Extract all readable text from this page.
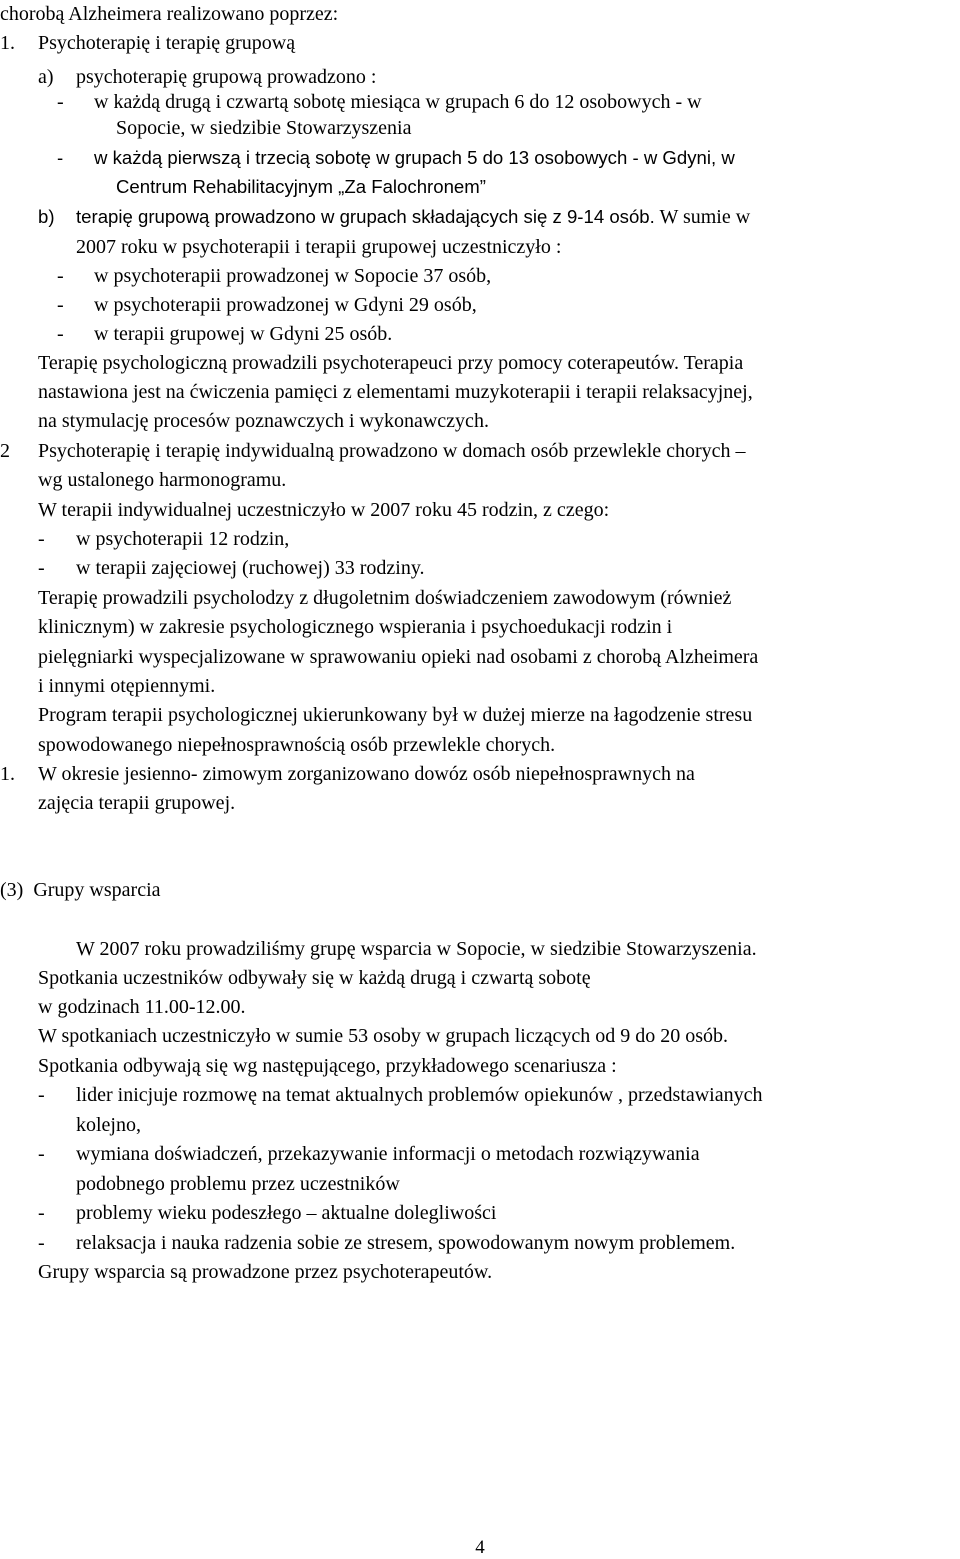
chorobą Alzheimera realizowano poprzez:
1. Psychoterapię i terapię grupową
a) psychoterapię grupową prowadzono :
- w każdą drugą i czwartą sobotę miesiąca w grupach 6 do 12 osobowych - w
Sopocie, w siedzibie Stowarzyszenia
- w każdą pierwszą i trzecią sobotę w grupach 5 do 13 osobowych - w Gdyni, w
Centrum Rehabilitacyjnym „Za Falochronem”
b) terapię grupową prowadzono w grupach składających się z 9-14 osób. W sumie w
2007 roku w psychoterapii i terapii grupowej uczestniczyło :
- w psychoterapii prowadzonej w Sopocie 37 osób,
- w psychoterapii prowadzonej w Gdyni 29 osób,
- w terapii grupowej w Gdyni 25 osób.
Terapię psychologiczną prowadzili psychoterapeuci przy pomocy coterapeutów. Terapia
nastawiona jest na ćwiczenia pamięci z elementami muzykoterapii i terapii relaksacyjnej,
na stymulację procesów poznawczych i wykonawczych.
2 Psychoterapię i terapię indywidualną prowadzono w domach osób przewlekle chorych –
wg ustalonego harmonogramu.
W terapii indywidualnej uczestniczyło w 2007 roku 45 rodzin, z czego:
- w psychoterapii 12 rodzin,
- w terapii zajęciowej (ruchowej) 33 rodziny.
Terapię prowadzili psycholodzy z długoletnim doświadczeniem zawodowym (również
klinicznym) w zakresie psychologicznego wspierania i psychoedukacji rodzin i
pielęgniarki wyspecjalizowane w sprawowaniu opieki nad osobami z chorobą Alzheimera
i innymi otępiennymi.
Program terapii psychologicznej ukierunkowany był w dużej mierze na łagodzenie stresu
spowodowanego niepełnosprawnością osób przewlekle chorych.
1. W okresie jesienno- zimowym zorganizowano dowóz osób niepełnosprawnych na
zajęcia terapii grupowej.
(3)  Grupy wsparcia
W 2007 roku prowadziliśmy grupę wsparcia w Sopocie, w siedzibie Stowarzyszenia.
Spotkania uczestników odbywały się w każdą drugą i czwartą sobotę
w godzinach 11.00-12.00.
W spotkaniach uczestniczyło w sumie 53 osoby w grupach liczących od 9 do 20 osób.
Spotkania odbywają się wg następującego, przykładowego scenariusza :
- lider inicjuje rozmowę na temat aktualnych problemów opiekunów , przedstawianych
kolejno,
- wymiana doświadczeń, przekazywanie informacji o metodach rozwiązywania
podobnego problemu przez uczestników
- problemy wieku podeszłego – aktualne dolegliwości
- relaksacja i nauka radzenia sobie ze stresem, spowodowanym nowym problemem.
Grupy wsparcia są prowadzone przez psychoterapeutów.
4
